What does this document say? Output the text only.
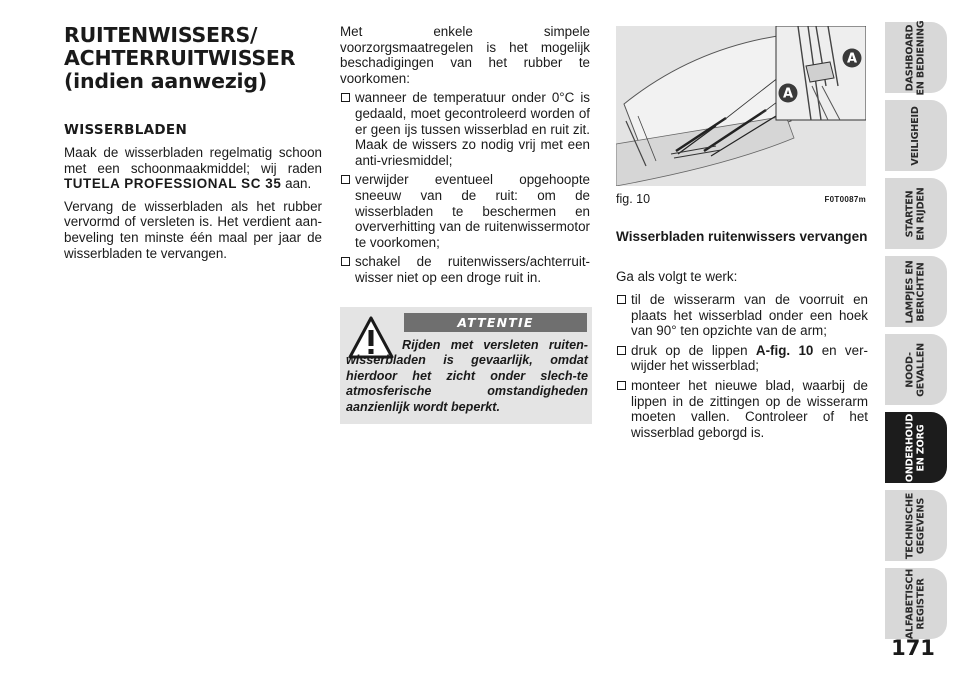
RUITENWISSERS/
ACHTERRUITWISSER
(indien aanwezig)
WISSERBLADEN

Maak de wisserbladen regelmatig schoon met een schoonmaakmiddel; wij raden TUTELA PROFESSIONAL SC 35 aan.

Vervang de wisserbladen als het rubber vervormd of versleten is. Het verdient aan-beveling ten minste één maal per jaar de wisserbladen te vervangen.

Met enkele simpele voorzorgsmaatregelen is het mogelijk beschadigingen van het rubber te voorkomen:

wanneer de temperatuur onder 0°C is gedaald, moet gecontroleerd worden of er geen ijs tussen wisserblad en ruit zit. Maak de wissers zo nodig vrij met een anti-vriesmiddel;
verwijder eventueel opgehoopte sneeuw van de ruit: om de wisserbladen te beschermen en oververhitting van de ruitenwissermotor te voorkomen;
schakel de ruitenwissers/achterruit-wisser niet op een droge ruit in.
ATTENTIE

Rijden met versleten ruiten-wisserbladen is gevaarlijk, omdat hierdoor het zicht onder slech-te atmosferische omstandigheden aanzienlijk wordt beperkt.

A
A
fig. 10	F0T0087m
Wisserbladen ruitenwissers vervangen

Ga als volgt te werk:

til de wisserarm van de voorruit en plaats het wisserblad onder een hoek van 90° ten opzichte van de arm;
druk op de lippen A-fig. 10 en ver-wijder het wisserblad;
monteer het nieuwe blad, waarbij de lippen in de zittingen op de wisserarm moeten vallen. Controleer of het wisserblad geborgd is.
DASHBOARD EN BEDIENING
VEILIGHEID
STARTEN EN RIJDEN
LAMPJES EN BERICHTEN
NOOD- GEVALLEN
ONDERHOUD EN ZORG
TECHNISCHE GEGEVENS
ALFABETISCH REGISTER
171
